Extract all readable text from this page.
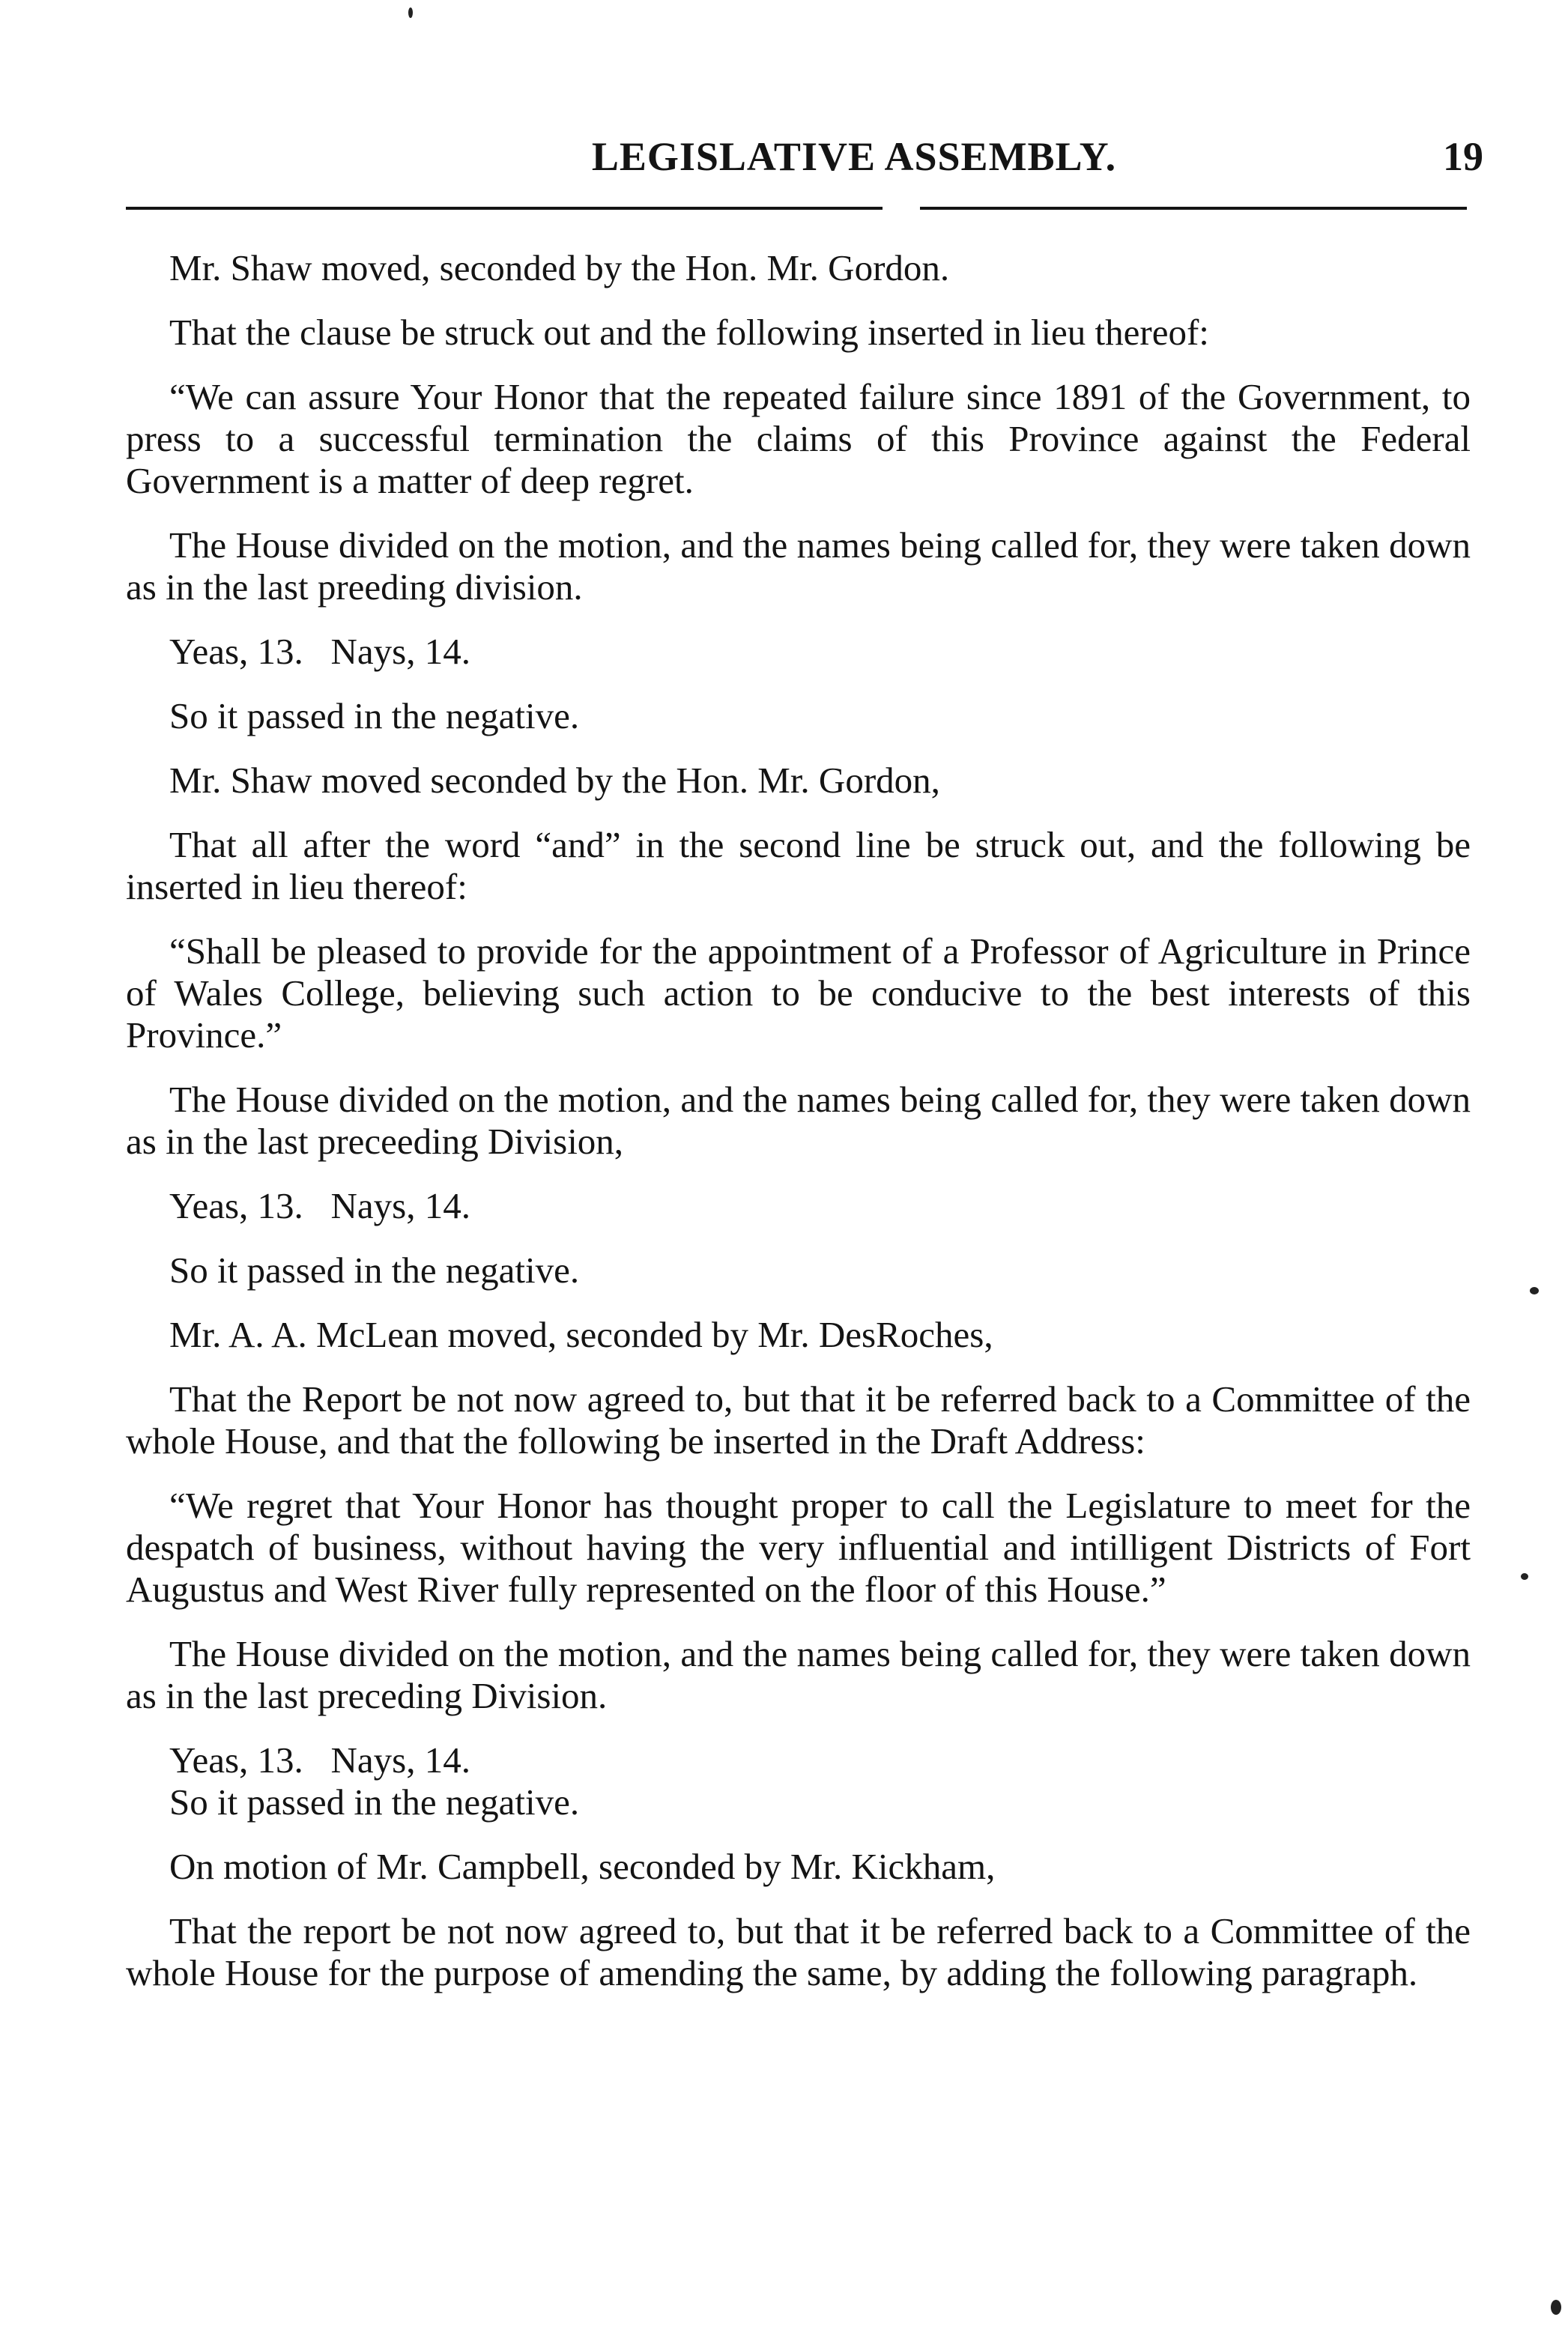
LEGISLATIVE ASSEMBLY.	19

Mr. Shaw moved, seconded by the Hon. Mr. Gordon.

That the clause be struck out and the following inserted in lieu thereof:

“We can assure Your Honor that the repeated failure since 1891 of the Government, to press to a successful termination the claims of this Province against the Federal Government is a matter of deep regret.

The House divided on the motion, and the names being called for, they were taken down as in the last preeding division.

Yeas, 13.   Nays, 14.

So it passed in the negative.

Mr. Shaw moved seconded by the Hon. Mr. Gordon,

That all after the word “and” in the second line be struck out, and the following be inserted in lieu thereof:

“Shall be pleased to provide for the appointment of a Professor of Agriculture in Prince of Wales College, believing such action to be conducive to the best interests of this Province.”

The House divided on the motion, and the names being called for, they were taken down as in the last preceeding Division,

Yeas, 13.   Nays, 14.

So it passed in the negative.

Mr. A. A. McLean moved, seconded by Mr. DesRoches,

That the Report be not now agreed to, but that it be referred back to a Committee of the whole House, and that the following be inserted in the Draft Address:

“We regret that Your Honor has thought proper to call the Legislature to meet for the despatch of business, without having the very influential and intilligent Districts of Fort Augustus and West River fully represented on the floor of this House.”

The House divided on the motion, and the names being called for, they were taken down as in the last preceding Division.

Yeas, 13.   Nays, 14.

So it passed in the negative.

On motion of Mr. Campbell, seconded by Mr. Kickham,

That the report be not now agreed to, but that it be referred back to a Committee of the whole House for the purpose of amending the same, by adding the following paragraph.
